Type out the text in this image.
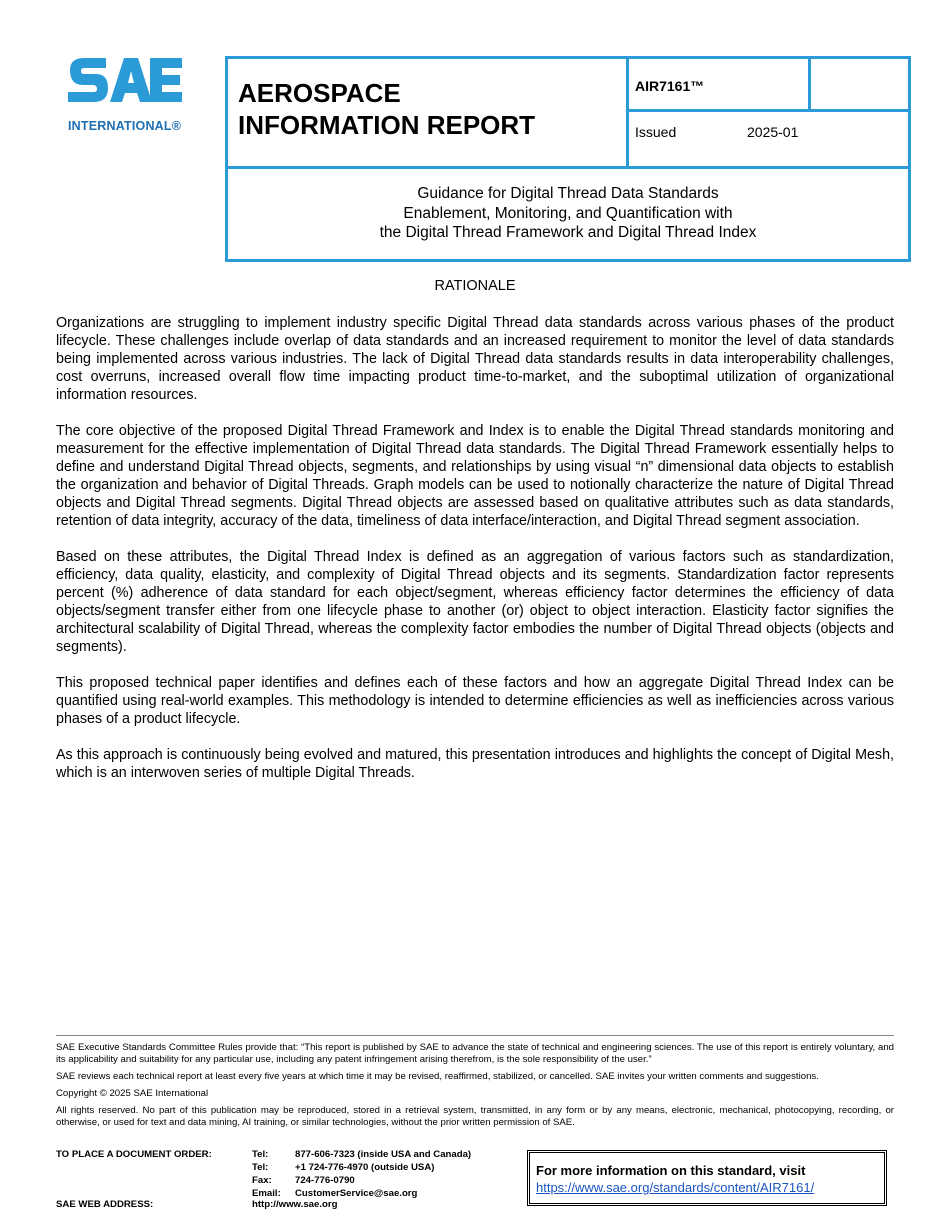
INTERNATIONAL®
AEROSPACE
INFORMATION REPORT
AIR7161™
Issued	2025-01
Guidance for Digital Thread Data Standards
Enablement, Monitoring, and Quantification with
the Digital Thread Framework and Digital Thread Index
RATIONALE

Organizations are struggling to implement industry specific Digital Thread data standards across various phases of the product lifecycle. These challenges include overlap of data standards and an increased requirement to monitor the level of data standards being implemented across various industries. The lack of Digital Thread data standards results in data interoperability challenges, cost overruns, increased overall flow time impacting product time-to-market, and the suboptimal utilization of organizational information resources.

The core objective of the proposed Digital Thread Framework and Index is to enable the Digital Thread standards monitoring and measurement for the effective implementation of Digital Thread data standards. The Digital Thread Framework essentially helps to define and understand Digital Thread objects, segments, and relationships by using visual “n” dimensional data objects to establish the organization and behavior of Digital Threads. Graph models can be used to notionally characterize the nature of Digital Thread objects and Digital Thread segments. Digital Thread objects are assessed based on qualitative attributes such as data standards, retention of data integrity, accuracy of the data, timeliness of data interface/interaction, and Digital Thread segment association.

Based on these attributes, the Digital Thread Index is defined as an aggregation of various factors such as standardization, efficiency, data quality, elasticity, and complexity of Digital Thread objects and its segments. Standardization factor represents percent (%) adherence of data standard for each object/segment, whereas efficiency factor determines the efficiency of data objects/segment transfer either from one lifecycle phase to another (or) object to object interaction. Elasticity factor signifies the architectural scalability of Digital Thread, whereas the complexity factor embodies the number of Digital Thread objects (objects and segments).

This proposed technical paper identifies and defines each of these factors and how an aggregate Digital Thread Index can be quantified using real-world examples. This methodology is intended to determine efficiencies as well as inefficiencies across various phases of a product lifecycle.

As this approach is continuously being evolved and matured, this presentation introduces and highlights the concept of Digital Mesh, which is an interwoven series of multiple Digital Threads.

SAE Executive Standards Committee Rules provide that: “This report is published by SAE to advance the state of technical and engineering sciences. The use of this report is entirely voluntary, and its applicability and suitability for any particular use, including any patent infringement arising therefrom, is the sole responsibility of the user.”

SAE reviews each technical report at least every five years at which time it may be revised, reaffirmed, stabilized, or cancelled. SAE invites your written comments and suggestions.

Copyright © 2025 SAE International

All rights reserved. No part of this publication may be reproduced, stored in a retrieval system, transmitted, in any form or by any means, electronic, mechanical, photocopying, recording, or otherwise, or used for text and data mining, AI training, or similar technologies, without the prior written permission of SAE.

TO PLACE A DOCUMENT ORDER:	Tel:	877-606-7323 (inside USA and Canada)
Tel:	+1 724-776-4970 (outside USA)
Fax: 724-776-0790
Email: CustomerService@sae.org
SAE WEB ADDRESS:	http://www.sae.org
For more information on this standard, visit
https://www.sae.org/standards/content/AIR7161/
